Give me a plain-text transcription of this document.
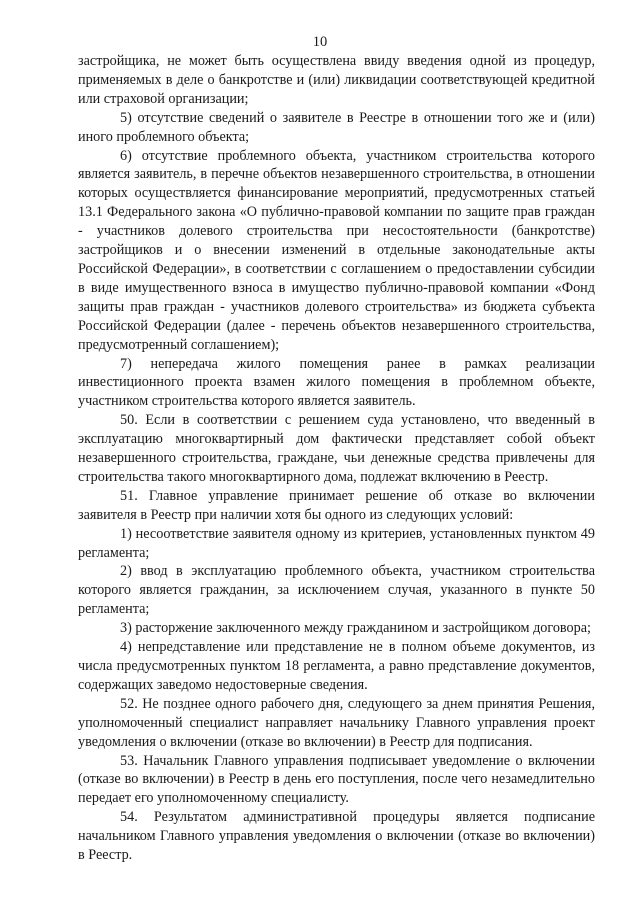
10

застройщика, не может быть осуществлена ввиду введения одной из процедур, применяемых в деле о банкротстве и (или) ликвидации соответствующей кредитной или страховой организации;

5) отсутствие сведений о заявителе в Реестре в отношении того же и (или) иного проблемного объекта;

6) отсутствие проблемного объекта, участником строительства которого является заявитель, в перечне объектов незавершенного строительства, в отношении которых осуществляется финансирование мероприятий, предусмотренных статьей 13.1 Федерального закона «О публично-правовой компании по защите прав граждан - участников долевого строительства при несостоятельности (банкротстве) застройщиков и о внесении изменений в отдельные законодательные акты Российской Федерации», в соответствии с соглашением о предоставлении субсидии в виде имущественного взноса в имущество публично-правовой компании «Фонд защиты прав граждан - участников долевого строительства» из бюджета субъекта Российской Федерации (далее - перечень объектов незавершенного строительства, предусмотренный соглашением);

7) непередача жилого помещения ранее в рамках реализации инвестиционного проекта взамен жилого помещения в проблемном объекте, участником строительства которого является заявитель.

50. Если в соответствии с решением суда установлено, что введенный в эксплуатацию многоквартирный дом фактически представляет собой объект незавершенного строительства, граждане, чьи денежные средства привлечены для строительства такого многоквартирного дома, подлежат включению в Реестр.

51. Главное управление принимает решение об отказе во включении заявителя в Реестр при наличии хотя бы одного из следующих условий:

1) несоответствие заявителя одному из критериев, установленных пунктом 49 регламента;

2) ввод в эксплуатацию проблемного объекта, участником строительства которого является гражданин, за исключением случая, указанного в пункте 50 регламента;

3) расторжение заключенного между гражданином и застройщиком договора;

4) непредставление или представление не в полном объеме документов, из числа предусмотренных пунктом 18 регламента, а равно представление документов, содержащих заведомо недостоверные сведения.

52. Не позднее одного рабочего дня, следующего за днем принятия Решения, уполномоченный специалист направляет начальнику Главного управления проект уведомления о включении (отказе во включении) в Реестр для подписания.

53. Начальник Главного управления подписывает уведомление о включении (отказе во включении) в Реестр в день его поступления, после чего незамедлительно передает его уполномоченному специалисту.

54. Результатом административной процедуры является подписание начальником Главного управления уведомления о включении (отказе во включении) в Реестр.
